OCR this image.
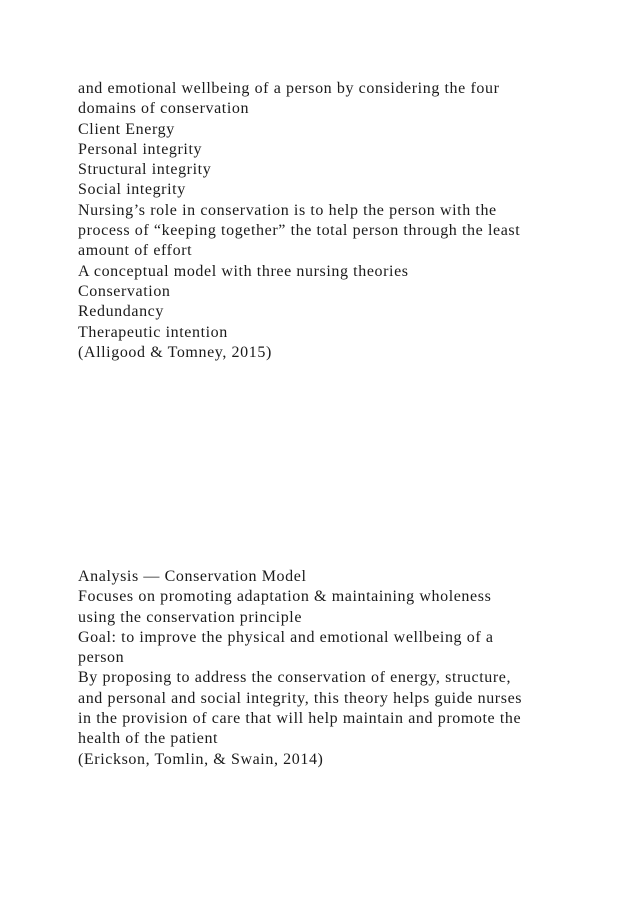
and emotional wellbeing of a person by considering the four
domains of conservation
Client Energy
Personal integrity
Structural integrity
Social integrity
Nursing’s role in conservation is to help the person with the
process of “keeping together” the total person through the least
amount of effort
A conceptual model with three nursing theories
Conservation
Redundancy
Therapeutic intention
(Alligood & Tomney, 2015)
Analysis — Conservation Model
Focuses on promoting adaptation & maintaining wholeness
using the conservation principle
Goal: to improve the physical and emotional wellbeing of a
person
By proposing to address the conservation of energy, structure,
and personal and social integrity, this theory helps guide nurses
in the provision of care that will help maintain and promote the
health of the patient
(Erickson, Tomlin, & Swain, 2014)
